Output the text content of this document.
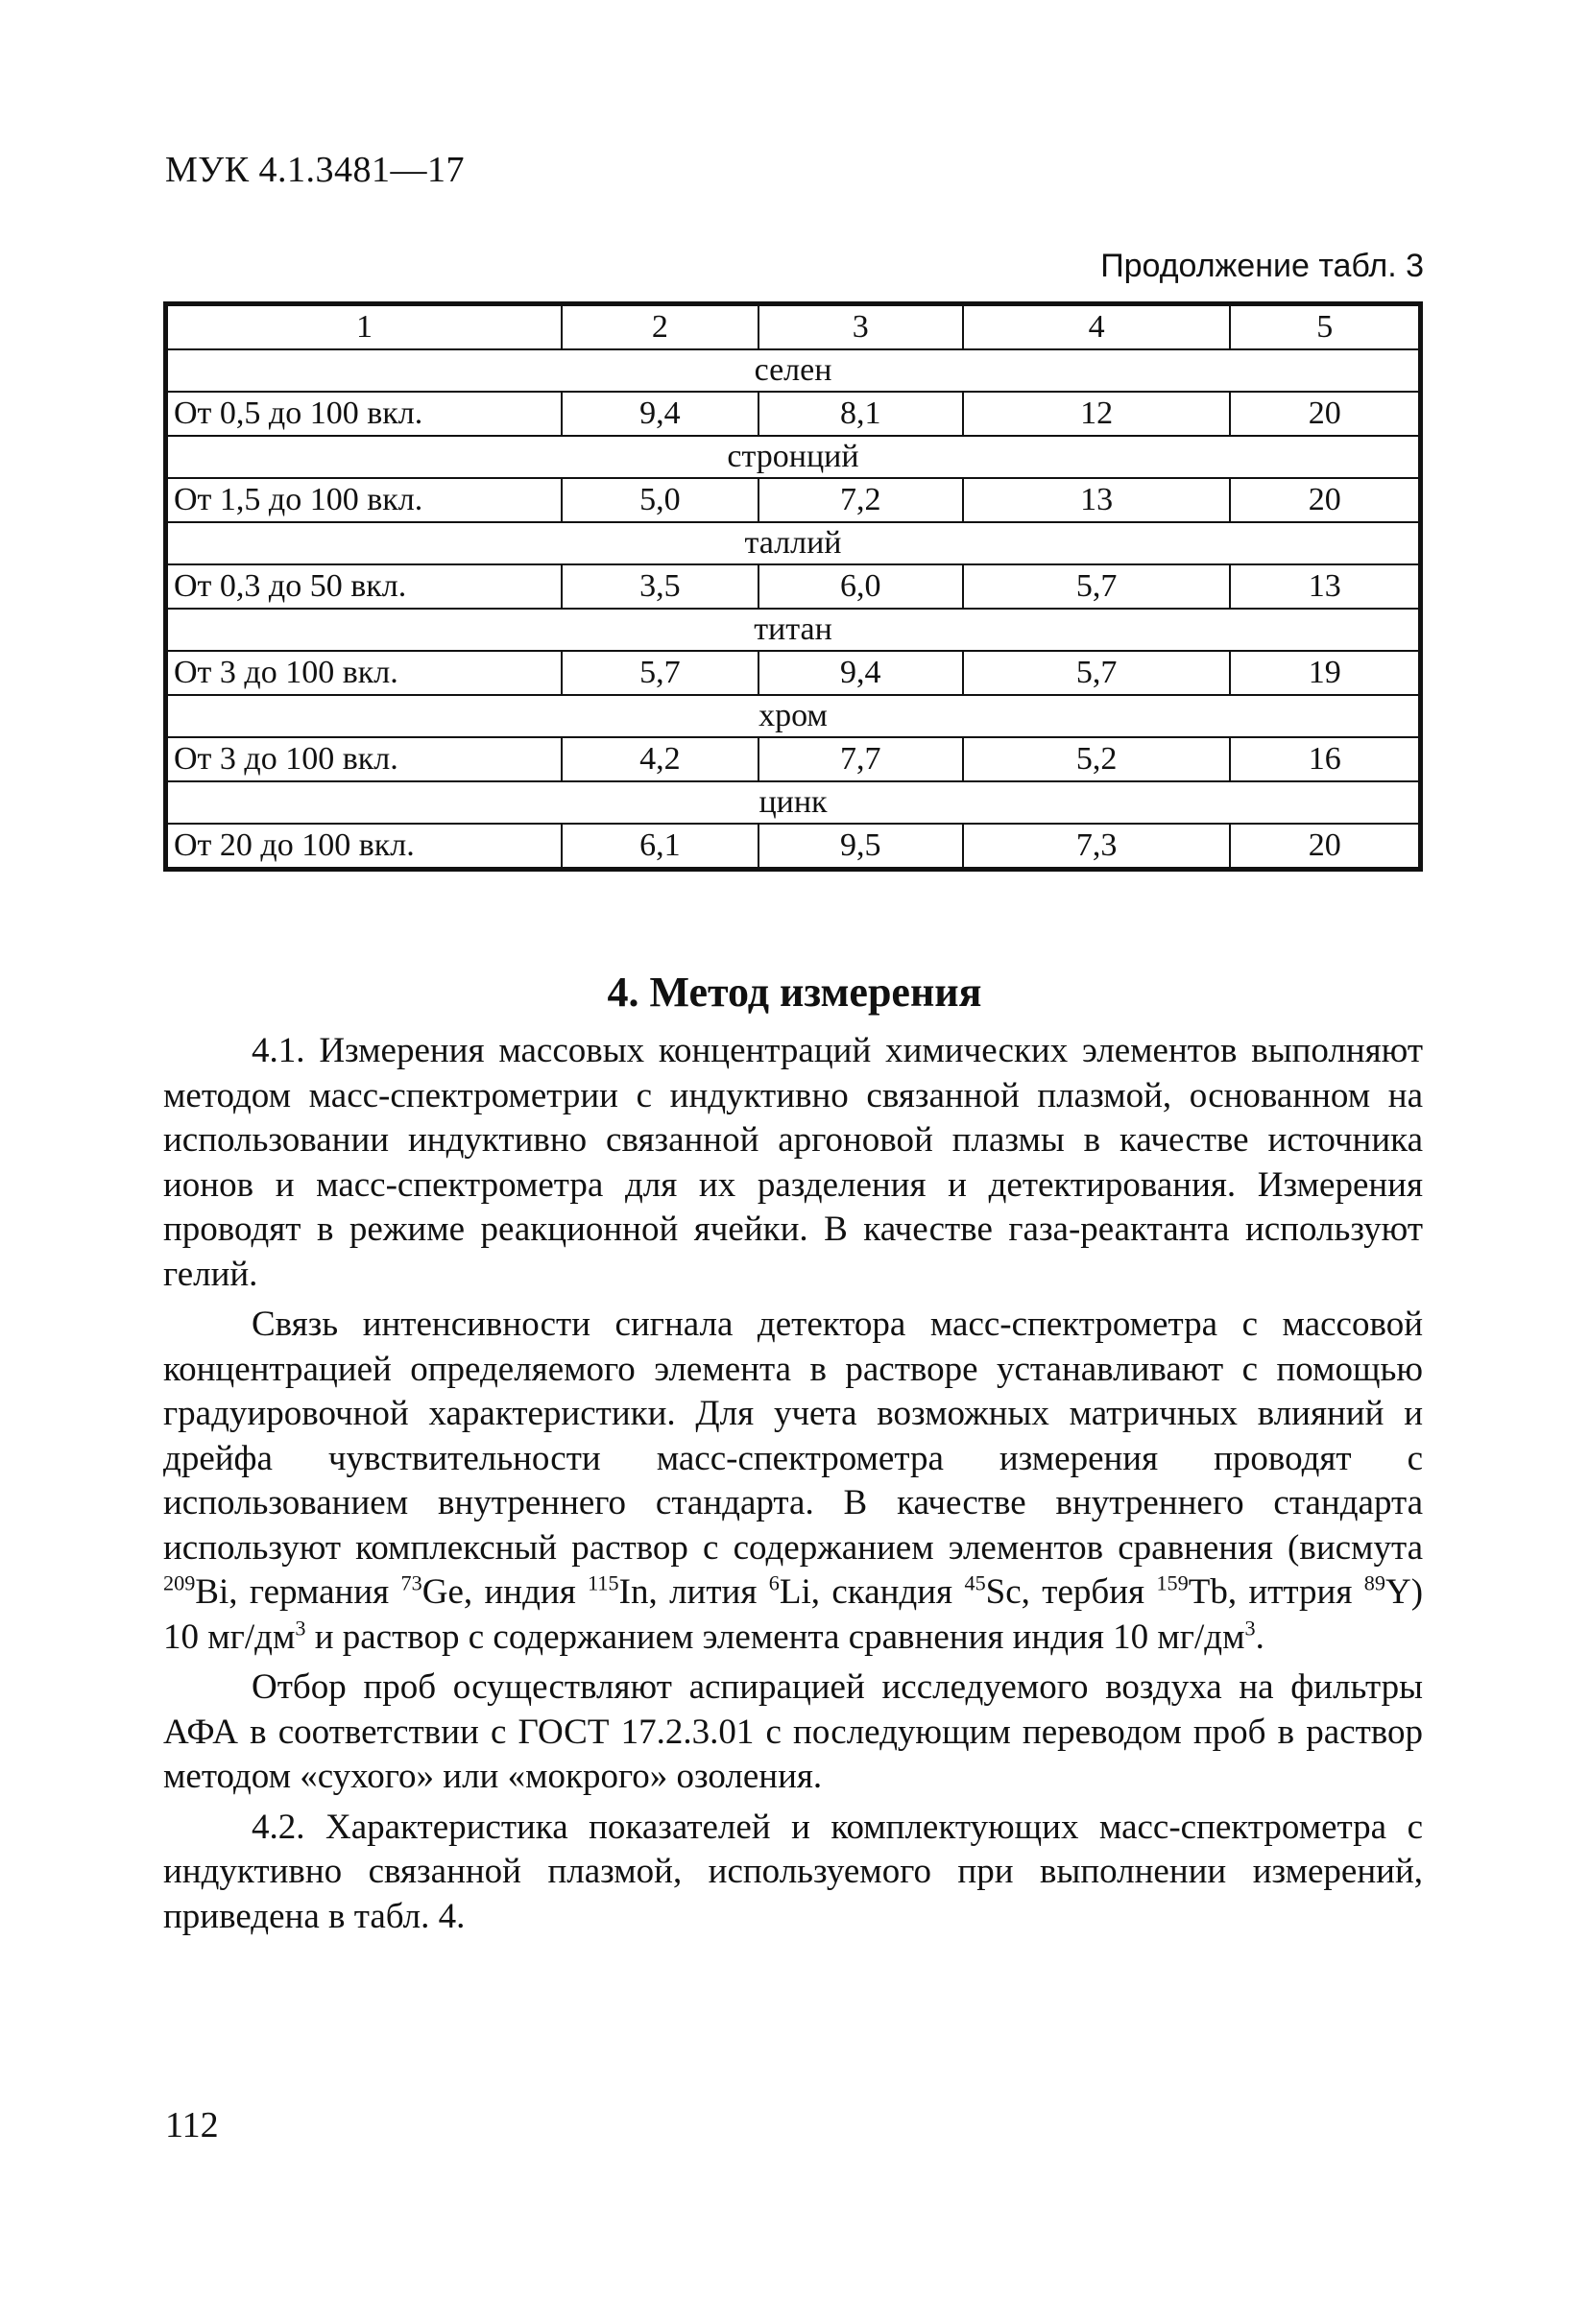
МУК 4.1.3481—17
Продолжение табл. 3
1	2	3	4	5
селен				
От 0,5 до 100 вкл.	9,4	8,1	12	20
стронций				
От 1,5 до 100 вкл.	5,0	7,2	13	20
таллий				
От 0,3 до 50 вкл.	3,5	6,0	5,7	13
титан				
От 3 до 100 вкл.	5,7	9,4	5,7	19
хром				
От 3 до 100 вкл.	4,2	7,7	5,2	16
цинк				
От 20 до 100 вкл.	6,1	9,5	7,3	20
4. Метод измерения

4.1. Измерения массовых концентраций химических элементов выполняют методом масс-спектрометрии с индуктивно связанной плазмой, основанном на использовании индуктивно связанной аргоновой плазмы в качестве источника ионов и масс-спектрометра для их разделения и детектирования. Измерения проводят в режиме реакционной ячейки. В качестве газа-реактанта используют гелий.

Связь интенсивности сигнала детектора масс-спектрометра с массовой концентрацией определяемого элемента в растворе устанавливают с помощью градуировочной характеристики. Для учета возможных матричных влияний и дрейфа чувствительности масс-спектрометра измерения проводят с использованием внутреннего стандарта. В качестве внутреннего стандарта используют комплексный раствор с содержанием элементов сравнения (висмута $^{209}$Bi, германия $^{73}$Ge, индия $^{115}$In, лития $^6$Li, скандия $^{45}$Sc, тербия $^{159}$Tb, иттрия $^{89}$Y) 10 $мг/дм^3$ и раствор с содержанием элемента сравнения индия 10 $мг/дм^3$.

Отбор проб осуществляют аспирацией исследуемого воздуха на фильтры АФА в соответствии с ГОСТ 17.2.3.01 с последующим переводом проб в раствор методом «сухого» или «мокрого» озоления.

4.2. Характеристика показателей и комплектующих масс-спектрометра с индуктивно связанной плазмой, используемого при выполнении измерений, приведена в табл. 4.

112
